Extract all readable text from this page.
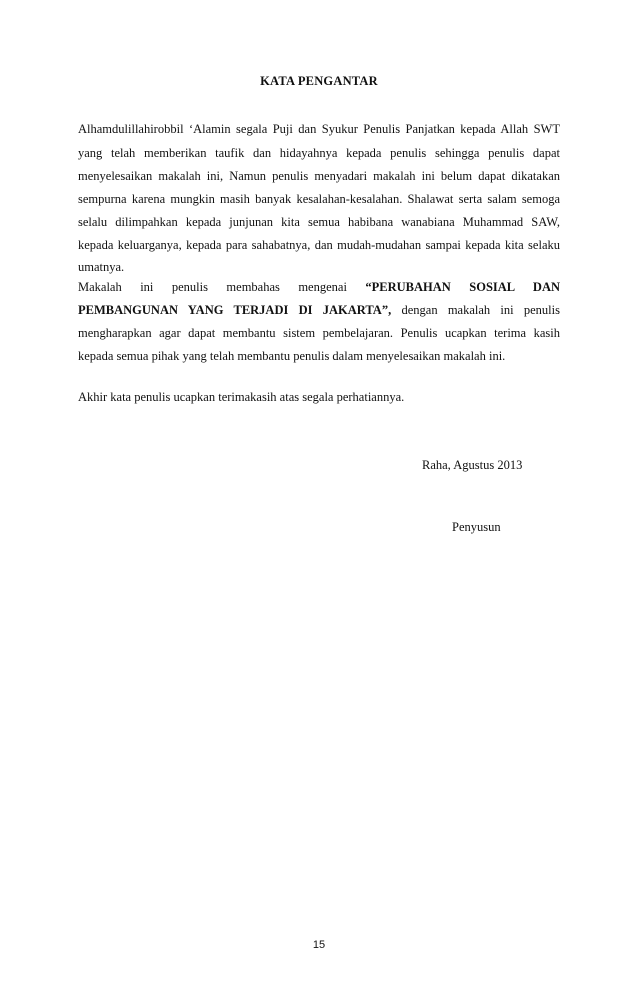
KATA PENGANTAR
Alhamdulillahirobbil ‘Alamin segala Puji dan Syukur Penulis Panjatkan kepada Allah SWT
yang telah memberikan taufik dan hidayahnya kepada penulis sehingga penulis dapat
menyelesaikan makalah ini, Namun penulis menyadari makalah ini belum dapat dikatakan
sempurna karena mungkin masih banyak kesalahan-kesalahan. Shalawat serta salam semoga
selalu dilimpahkan kepada junjunan kita semua habibana wanabiana Muhammad SAW,
kepada keluarganya, kepada para sahabatnya, dan mudah-mudahan sampai kepada kita selaku
umatnya.
Makalah ini penulis membahas mengenai “PERUBAHAN SOSIAL DAN
PEMBANGUNAN YANG TERJADI DI JAKARTA”, dengan makalah ini penulis
mengharapkan agar dapat membantu sistem pembelajaran. Penulis ucapkan terima kasih
kepada semua pihak yang telah membantu penulis dalam menyelesaikan makalah ini.
Akhir kata penulis ucapkan terimakasih atas segala perhatiannya.
Raha, Agustus 2013
Penyusun
15
